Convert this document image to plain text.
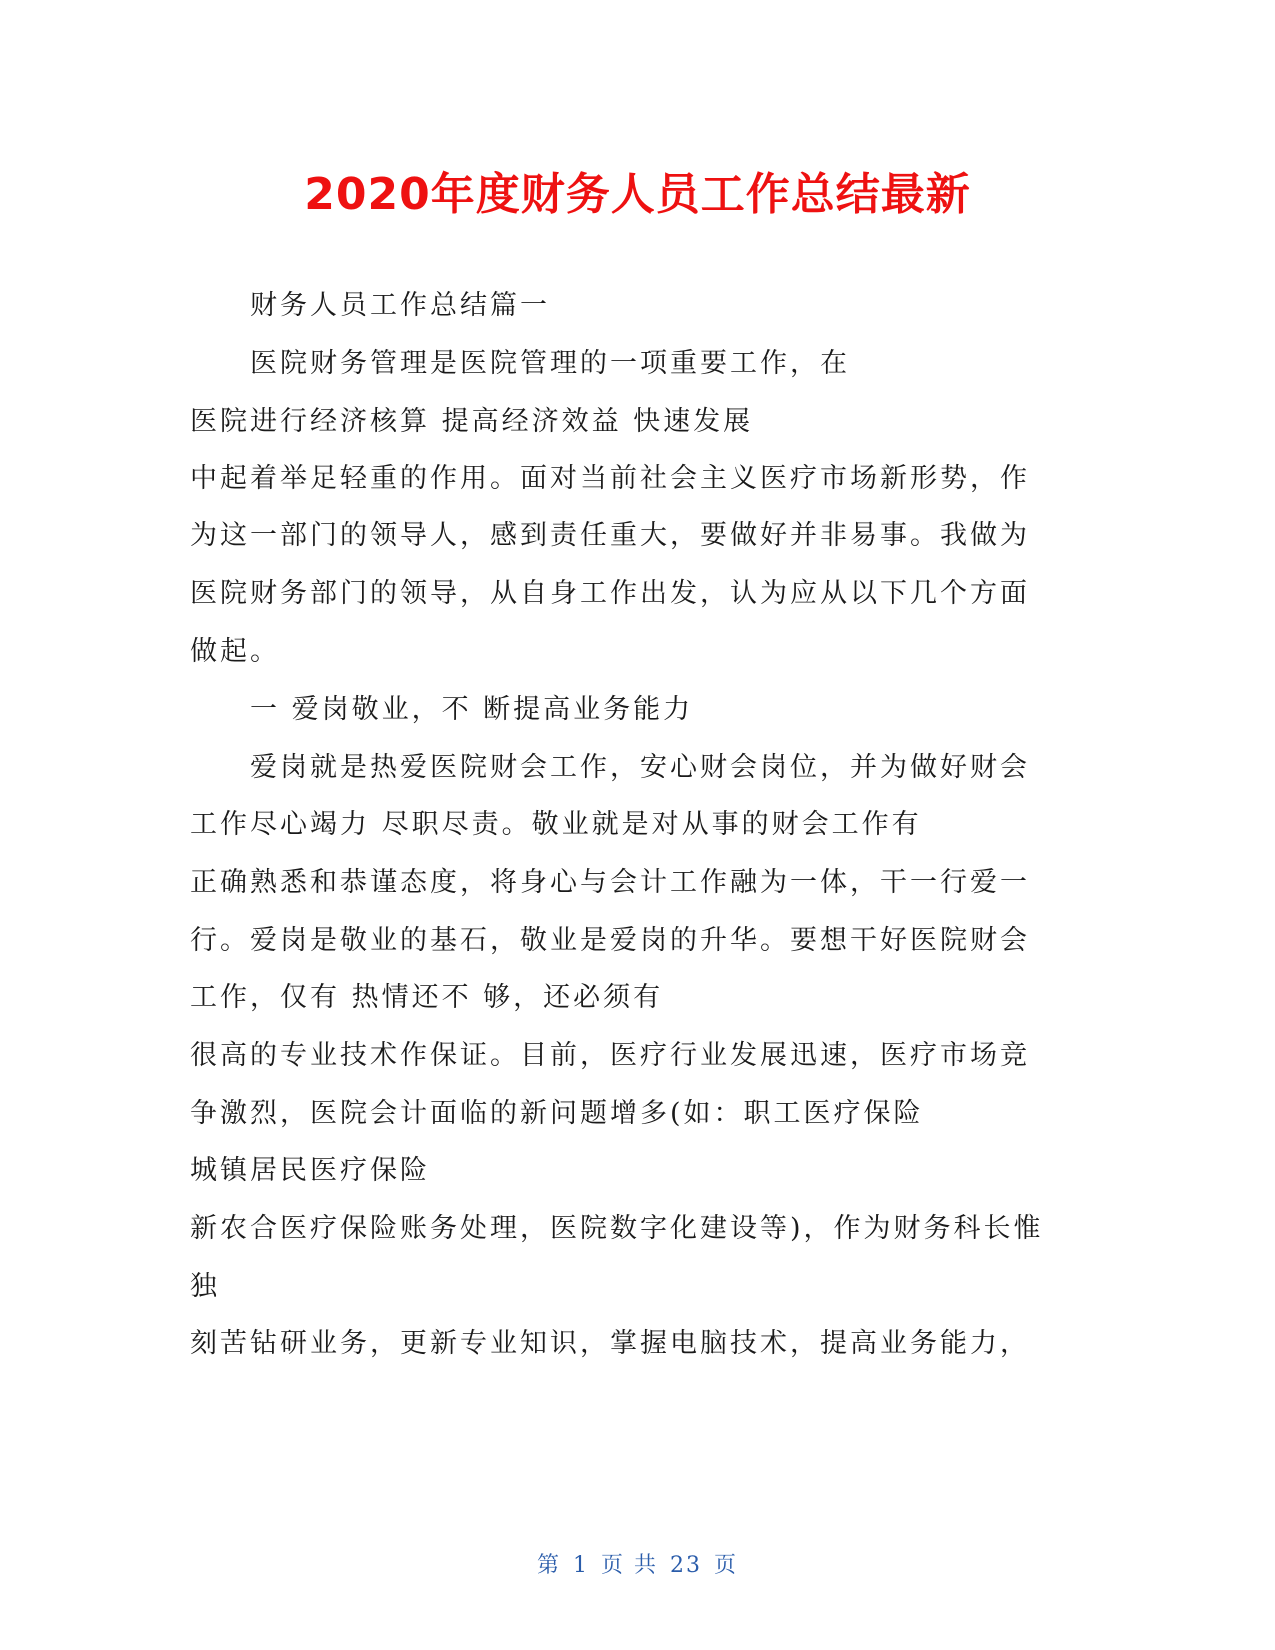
2020年度财务人员工作总结最新
财务人员工作总结篇一
医院财务管理是医院管理的一项重要工作，在
医院进行经济核算 提高经济效益 快速发展
中起着举足轻重的作用。面对当前社会主义医疗市场新形势，作
为这一部门的领导人，感到责任重大，要做好并非易事。我做为
医院财务部门的领导，从自身工作出发，认为应从以下几个方面
做起。
一 爱岗敬业，不 断提高业务能力
爱岗就是热爱医院财会工作，安心财会岗位，并为做好财会
工作尽心竭力 尽职尽责。敬业就是对从事的财会工作有
正确熟悉和恭谨态度，将身心与会计工作融为一体，干一行爱一
行。爱岗是敬业的基石，敬业是爱岗的升华。要想干好医院财会
工作，仅有 热情还不 够，还必须有
很高的专业技术作保证。目前，医疗行业发展迅速，医疗市场竞
争激烈，医院会计面临的新问题增多(如：职工医疗保险
城镇居民医疗保险
新农合医疗保险账务处理，医院数字化建设等)，作为财务科长惟
独
刻苦钻研业务，更新专业知识，掌握电脑技术，提高业务能力，
第 1 页 共 23 页
